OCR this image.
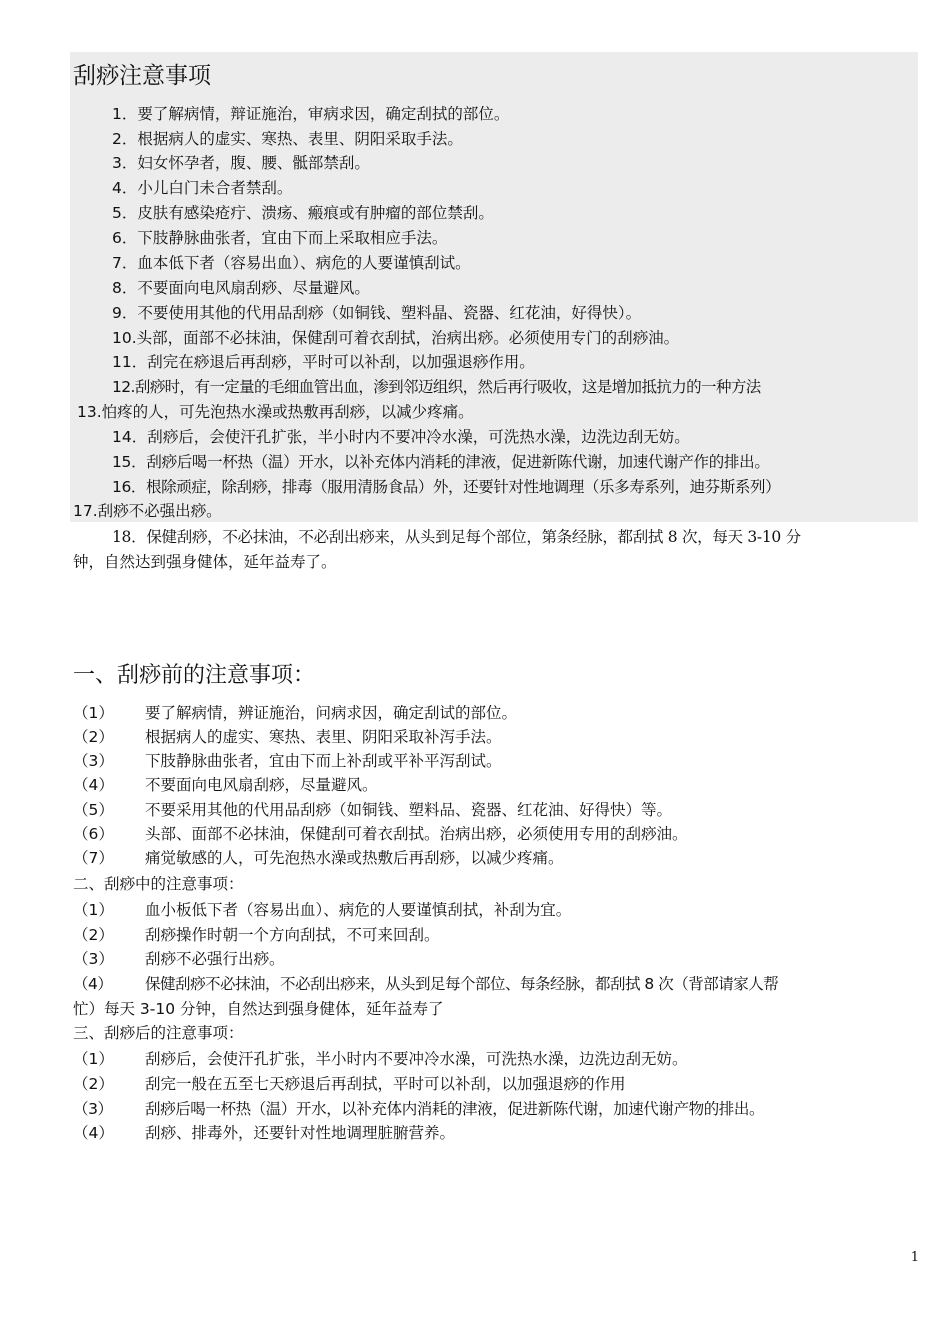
刮痧注意事项
1．要了解病情，辩证施治，审病求因，确定刮拭的部位。
2．根据病人的虚实、寒热、表里、阴阳采取手法。
3．妇女怀孕者，腹、腰、骶部禁刮。
4．小儿白门未合者禁刮。
5．皮肤有感染疮疔、溃疡、瘢痕或有肿瘤的部位禁刮。
6．下肢静脉曲张者，宜由下而上采取相应手法。
7．血本低下者（容易出血）、病危的人要谨慎刮试。
8．不要面向电风扇刮痧、尽量避风。
9．不要使用其他的代用品刮痧（如铜钱、塑料晶、瓷器、红花油，好得快）。
10.头部，面部不必抹油，保健刮可着衣刮拭，治病出痧。必须使用专门的刮痧油。
11．刮完在痧退后再刮痧，平时可以补刮，以加强退痧作用。
12.刮痧时，有一定量的毛细血管出血，渗到邻迈组织，然后再行吸收，这是增加抵抗力的一种方法
13.怕疼的人，可先泡热水澡或热敷再刮痧，以减少疼痛。
14．刮痧后，会使汗孔扩张，半小时内不要冲冷水澡，可洗热水澡，边洗边刮无妨。
15．刮痧后喝一杯热（温）开水，以补充体内消耗的津液，促进新陈代谢，加速代谢产作的排出。
16．根除顽症，除刮痧，排毒（服用清肠食品）外，还要针对性地调理（乐多寿系列，迪芬斯系列）
17.刮痧不必强出痧。
18．保健刮痧，不必抹油，不必刮出痧来，从头到足每个部位，第条经脉，都刮拭 8 次，每天 3-10 分
钟，自然达到强身健体，延年益寿了。
一、刮痧前的注意事项：
（1） 要了解病情，辨证施治，问病求因，确定刮试的部位。
（2） 根据病人的虚实、寒热、表里、阴阳采取补泻手法。
（3） 下肢静脉曲张者，宜由下而上补刮或平补平泻刮试。
（4） 不要面向电风扇刮痧，尽量避风。
（5） 不要采用其他的代用品刮痧（如铜钱、塑料品、瓷器、红花油、好得快）等。
（6） 头部、面部不必抹油，保健刮可着衣刮拭。治病出痧，必须使用专用的刮痧油。
（7） 痛觉敏感的人，可先泡热水澡或热敷后再刮痧，以减少疼痛。
二、刮痧中的注意事项：
（1） 血小板低下者（容易出血）、病危的人要谨慎刮拭，补刮为宜。
（2） 刮痧操作时朝一个方向刮拭，不可来回刮。
（3） 刮痧不必强行出痧。
（4） 保健刮痧不必抹油，不必刮出痧来，从头到足每个部位、每条经脉，都刮拭 8 次（背部请家人帮
忙）每天 3-10 分钟，自然达到强身健体，延年益寿了
三、刮痧后的注意事项：
（1） 刮痧后，会使汗孔扩张，半小时内不要冲冷水澡，可洗热水澡，边洗边刮无妨。
（2） 刮完一般在五至七天痧退后再刮拭，平时可以补刮，以加强退痧的作用
（3） 刮痧后喝一杯热（温）开水，以补充体内消耗的津液，促进新陈代谢，加速代谢产物的排出。
（4） 刮痧、排毒外，还要针对性地调理脏腑营养。
1
